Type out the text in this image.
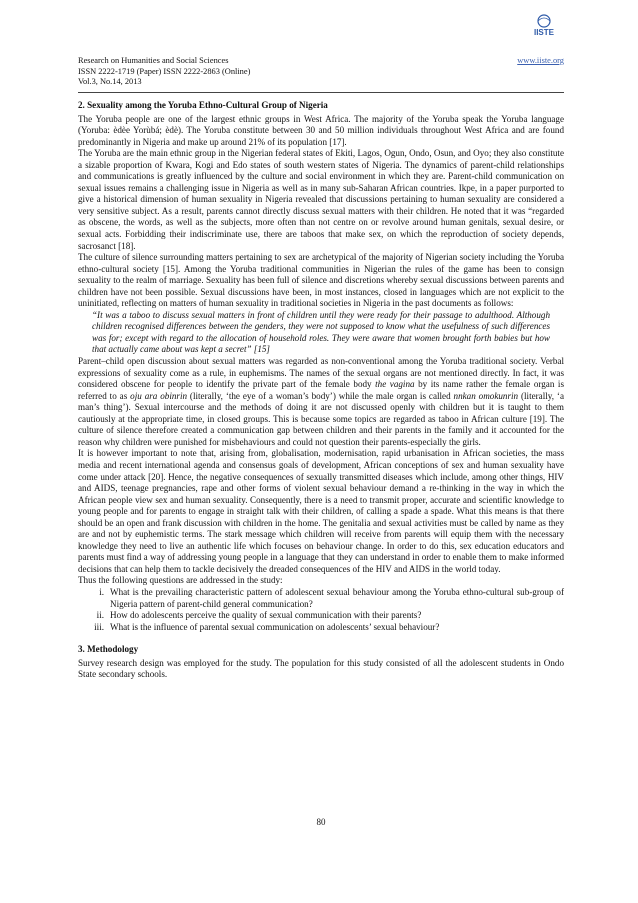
Research on Humanities and Social Sciences
ISSN 2222-1719 (Paper) ISSN 2222-2863 (Online)
Vol.3, No.14, 2013
www.iiste.org
IISTE

2. Sexuality among the Yoruba Ethno-Cultural Group of Nigeria

The Yoruba people are one of the largest ethnic groups in West Africa. The majority of the Yoruba speak the Yoruba language (Yoruba: èdèe Yorùbá; èdè). The Yoruba constitute between 30 and 50 million individuals throughout West Africa and are found predominantly in Nigeria and make up around 21% of its population [17].

The Yoruba are the main ethnic group in the Nigerian federal states of Ekiti, Lagos, Ogun, Ondo, Osun, and Oyo; they also constitute a sizable proportion of Kwara, Kogi and Edo states of south western states of Nigeria. The dynamics of parent-child relationships and communications is greatly influenced by the culture and social environment in which they are. Parent-child communication on sexual issues remains a challenging issue in Nigeria as well as in many sub-Saharan African countries. Ikpe, in a paper purported to give a historical dimension of human sexuality in Nigeria revealed that discussions pertaining to human sexuality are considered a very sensitive subject. As a result, parents cannot directly discuss sexual matters with their children. He noted that it was “regarded as obscene, the words, as well as the subjects, more often than not centre on or revolve around human genitals, sexual desire, or sexual acts. Forbidding their indiscriminate use, there are taboos that make sex, on which the reproduction of society depends, sacrosanct [18].

The culture of silence surrounding matters pertaining to sex are archetypical of the majority of Nigerian society including the Yoruba ethno-cultural society [15]. Among the Yoruba traditional communities in Nigerian the rules of the game has been to consign sexuality to the realm of marriage. Sexuality has been full of silence and discretions whereby sexual discussions between parents and children have not been possible. Sexual discussions have been, in most instances, closed in languages which are not explicit to the uninitiated, reflecting on matters of human sexuality in traditional societies in Nigeria in the past documents as follows:

“It was a taboo to discuss sexual matters in front of children until they were ready for their passage to adulthood. Although children recognised differences between the genders, they were not supposed to know what the usefulness of such differences was for; except with regard to the allocation of household roles. They were aware that women brought forth babies but how that actually came about was kept a secret” [15]

Parent–child open discussion about sexual matters was regarded as non-conventional among the Yoruba traditional society. Verbal expressions of sexuality come as a rule, in euphemisms. The names of the sexual organs are not mentioned directly. In fact, it was considered obscene for people to identify the private part of the female body the vagina by its name rather the female organ is referred to as oju ara obinrin (literally, ‘the eye of a woman’s body’) while the male organ is called nnkan omokunrin (literally, ‘a man’s thing’). Sexual intercourse and the methods of doing it are not discussed openly with children but it is taught to them cautiously at the appropriate time, in closed groups. This is because some topics are regarded as taboo in African culture [19]. The culture of silence therefore created a communication gap between children and their parents in the family and it accounted for the reason why children were punished for misbehaviours and could not question their parents-especially the girls.

It is however important to note that, arising from, globalisation, modernisation, rapid urbanisation in African societies, the mass media and recent international agenda and consensus goals of development, African conceptions of sex and human sexuality have come under attack [20]. Hence, the negative consequences of sexually transmitted diseases which include, among other things, HIV and AIDS, teenage pregnancies, rape and other forms of violent sexual behaviour demand a re-thinking in the way in which the African people view sex and human sexuality. Consequently, there is a need to transmit proper, accurate and scientific knowledge to young people and for parents to engage in straight talk with their children, of calling a spade a spade. What this means is that there should be an open and frank discussion with children in the home. The genitalia and sexual activities must be called by name as they are and not by euphemistic terms. The stark message which children will receive from parents will equip them with the necessary knowledge they need to live an authentic life which focuses on behaviour change. In order to do this, sex education educators and parents must find a way of addressing young people in a language that they can understand in order to enable them to make informed decisions that can help them to tackle decisively the dreaded consequences of the HIV and AIDS in the world today.

Thus the following questions are addressed in the study:

i. What is the prevailing characteristic pattern of adolescent sexual behaviour among the Yoruba ethno-cultural sub-group of Nigeria pattern of parent-child general communication?
ii. How do adolescents perceive the quality of sexual communication with their parents?
iii. What is the influence of parental sexual communication on adolescents’ sexual behaviour?

3. Methodology

Survey research design was employed for the study. The population for this study consisted of all the adolescent students in Ondo State secondary schools.

80
